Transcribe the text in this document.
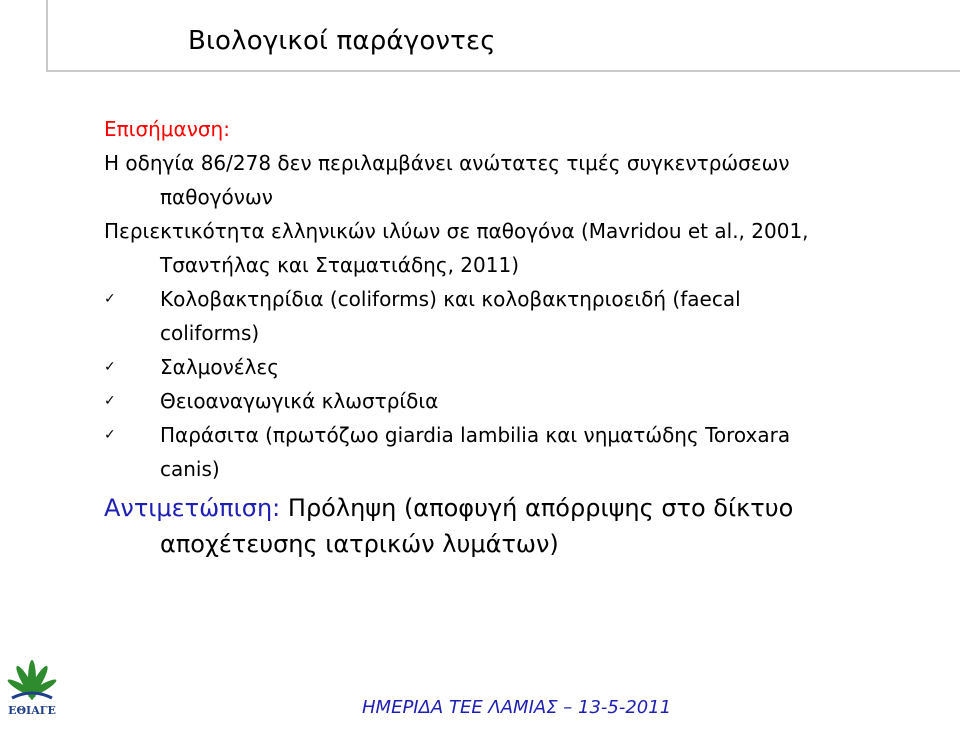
Βιολογικοί παράγοντες
Επισήμανση:
Η οδηγία 86/278 δεν περιλαμβάνει ανώτατες τιμές συγκεντρώσεων
παθογόνων
Περιεκτικότητα ελληνικών ιλύων σε παθογόνα (Mavridou et al., 2001,
Τσαντήλας και Σταματιάδης, 2011)
✓ Κολοβακτηρίδια (coliforms) και κολοβακτηριοειδή (faecal
coliforms)
✓ Σαλμονέλες
✓ Θειοαναγωγικά κλωστρίδια
✓ Παράσιτα (πρωτόζωο giardia lambilia και νηματώδης Toroxara
canis)
Αντιμετώπιση: Πρόληψη (αποφυγή απόρριψης στο δίκτυο
αποχέτευσης ιατρικών λυμάτων)
ΕΘΙΑΓΕ	ΗΜΕΡΙΔΑ ΤΕΕ ΛΑΜΙΑΣ – 13-5-2011
